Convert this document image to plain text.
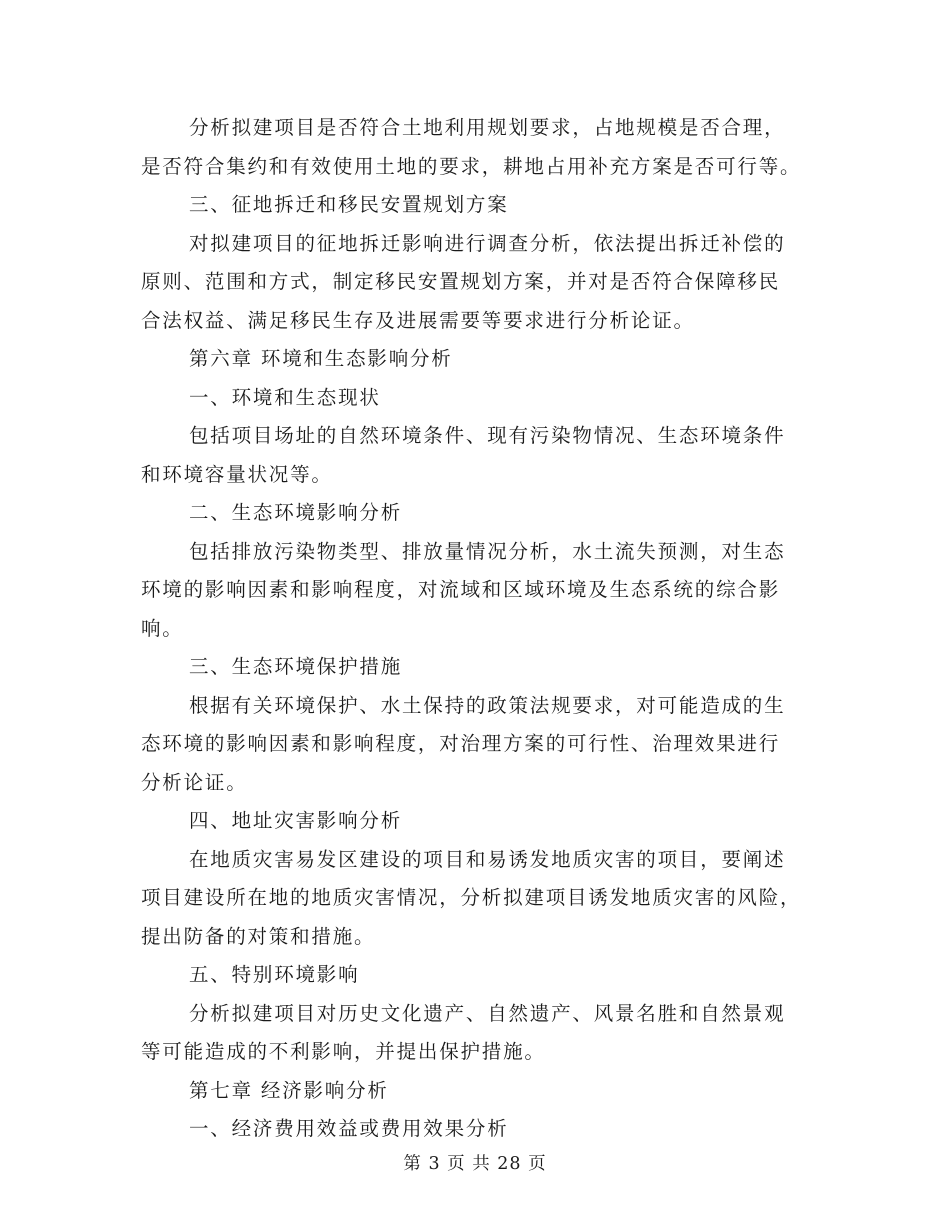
分析拟建项目是否符合土地利用规划要求，占地规模是否合理，
是否符合集约和有效使用土地的要求，耕地占用补充方案是否可行等。
三、征地拆迁和移民安置规划方案
对拟建项目的征地拆迁影响进行调查分析，依法提出拆迁补偿的
原则、范围和方式，制定移民安置规划方案，并对是否符合保障移民
合法权益、满足移民生存及进展需要等要求进行分析论证。
第六章 环境和生态影响分析
一、环境和生态现状
包括项目场址的自然环境条件、现有污染物情况、生态环境条件
和环境容量状况等。
二、生态环境影响分析
包括排放污染物类型、排放量情况分析，水土流失预测，对生态
环境的影响因素和影响程度，对流域和区域环境及生态系统的综合影
响。
三、生态环境保护措施
根据有关环境保护、水土保持的政策法规要求，对可能造成的生
态环境的影响因素和影响程度，对治理方案的可行性、治理效果进行
分析论证。
四、地址灾害影响分析
在地质灾害易发区建设的项目和易诱发地质灾害的项目，要阐述
项目建设所在地的地质灾害情况，分析拟建项目诱发地质灾害的风险，
提出防备的对策和措施。
五、特别环境影响
分析拟建项目对历史文化遗产、自然遗产、风景名胜和自然景观
等可能造成的不利影响，并提出保护措施。
第七章 经济影响分析
一、经济费用效益或费用效果分析
第 3 页 共 28 页
